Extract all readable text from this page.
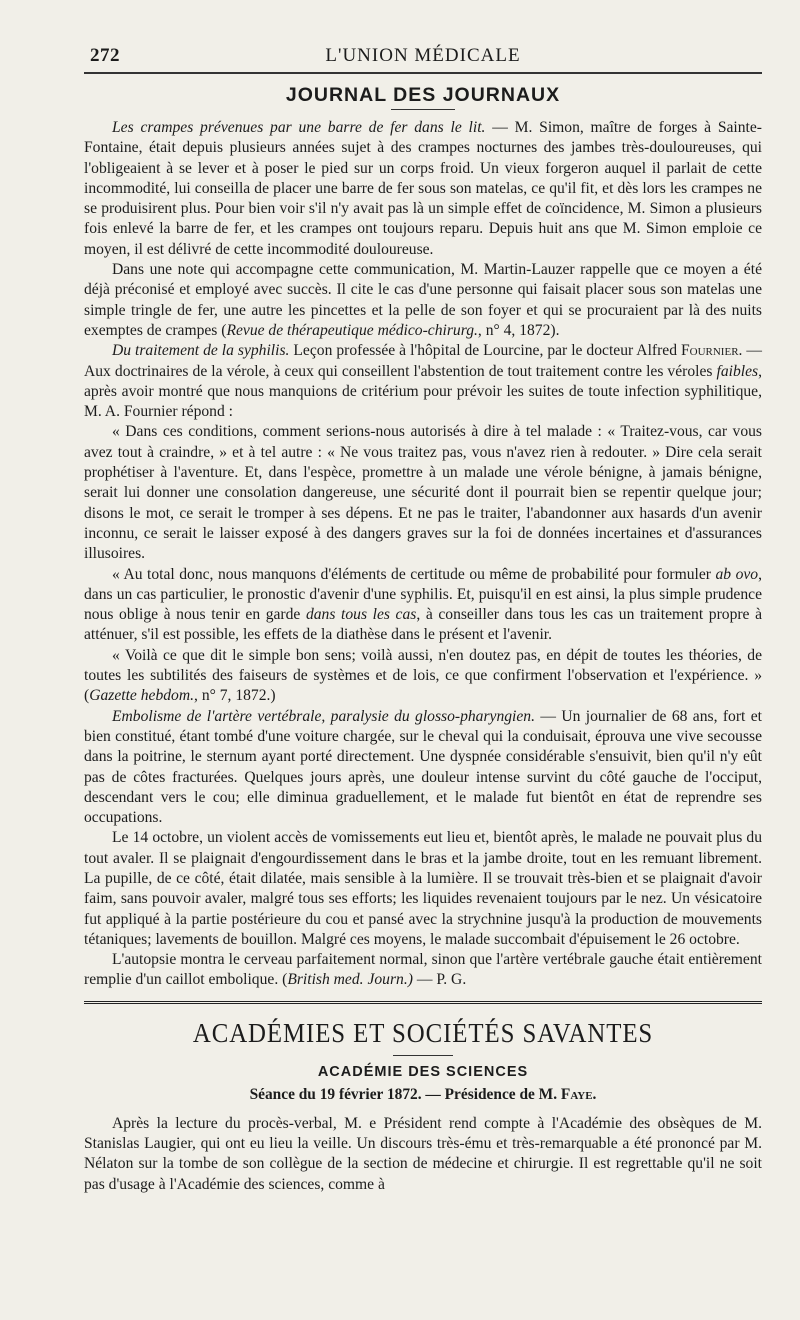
272	L'UNION MÉDICALE
JOURNAL DES JOURNAUX

Les crampes prévenues par une barre de fer dans le lit. — M. Simon, maître de forges à Sainte-Fontaine, était depuis plusieurs années sujet à des crampes nocturnes des jambes très-douloureuses, qui l'obligeaient à se lever et à poser le pied sur un corps froid. Un vieux forgeron auquel il parlait de cette incommodité, lui conseilla de placer une barre de fer sous son matelas, ce qu'il fit, et dès lors les crampes ne se produisirent plus. Pour bien voir s'il n'y avait pas là un simple effet de coïncidence, M. Simon a plusieurs fois enlevé la barre de fer, et les crampes ont toujours reparu. Depuis huit ans que M. Simon emploie ce moyen, il est délivré de cette incommodité douloureuse.

Dans une note qui accompagne cette communication, M. Martin-Lauzer rappelle que ce moyen a été déjà préconisé et employé avec succès. Il cite le cas d'une personne qui faisait placer sous son matelas une simple tringle de fer, une autre les pincettes et la pelle de son foyer et qui se procuraient par là des nuits exemptes de crampes (Revue de thérapeutique médico-chirurg., n° 4, 1872).

Du traitement de la syphilis. Leçon professée à l'hôpital de Lourcine, par le docteur Alfred Fournier. — Aux doctrinaires de la vérole, à ceux qui conseillent l'abstention de tout traitement contre les véroles faibles, après avoir montré que nous manquions de critérium pour prévoir les suites de toute infection syphilitique, M. A. Fournier répond :

« Dans ces conditions, comment serions-nous autorisés à dire à tel malade : « Traitez-vous, car vous avez tout à craindre, » et à tel autre : « Ne vous traitez pas, vous n'avez rien à redouter. » Dire cela serait prophétiser à l'aventure. Et, dans l'espèce, promettre à un malade une vérole bénigne, à jamais bénigne, serait lui donner une consolation dangereuse, une sécurité dont il pourrait bien se repentir quelque jour; disons le mot, ce serait le tromper à ses dépens. Et ne pas le traiter, l'abandonner aux hasards d'un avenir inconnu, ce serait le laisser exposé à des dangers graves sur la foi de données incertaines et d'assurances illusoires.

« Au total donc, nous manquons d'éléments de certitude ou même de probabilité pour formuler ab ovo, dans un cas particulier, le pronostic d'avenir d'une syphilis. Et, puisqu'il en est ainsi, la plus simple prudence nous oblige à nous tenir en garde dans tous les cas, à conseiller dans tous les cas un traitement propre à atténuer, s'il est possible, les effets de la diathèse dans le présent et l'avenir.

« Voilà ce que dit le simple bon sens; voilà aussi, n'en doutez pas, en dépit de toutes les théories, de toutes les subtilités des faiseurs de systèmes et de lois, ce que confirment l'observation et l'expérience. » (Gazette hebdom., n° 7, 1872.)

Embolisme de l'artère vertébrale, paralysie du glosso-pharyngien. — Un journalier de 68 ans, fort et bien constitué, étant tombé d'une voiture chargée, sur le cheval qui la conduisait, éprouva une vive secousse dans la poitrine, le sternum ayant porté directement. Une dyspnée considérable s'ensuivit, bien qu'il n'y eût pas de côtes fracturées. Quelques jours après, une douleur intense survint du côté gauche de l'occiput, descendant vers le cou; elle diminua graduellement, et le malade fut bientôt en état de reprendre ses occupations.

Le 14 octobre, un violent accès de vomissements eut lieu et, bientôt après, le malade ne pouvait plus du tout avaler. Il se plaignait d'engourdissement dans le bras et la jambe droite, tout en les remuant librement. La pupille, de ce côté, était dilatée, mais sensible à la lumière. Il se trouvait très-bien et se plaignait d'avoir faim, sans pouvoir avaler, malgré tous ses efforts; les liquides revenaient toujours par le nez. Un vésicatoire fut appliqué à la partie postérieure du cou et pansé avec la strychnine jusqu'à la production de mouvements tétaniques; lavements de bouillon. Malgré ces moyens, le malade succombait d'épuisement le 26 octobre.

L'autopsie montra le cerveau parfaitement normal, sinon que l'artère vertébrale gauche était entièrement remplie d'un caillot embolique. (British med. Journ.) — P. G.

ACADÉMIES ET SOCIÉTÉS SAVANTES
ACADÉMIE DES SCIENCES
Séance du 19 février 1872. — Présidence de M. Faye.

Après la lecture du procès-verbal, M. e Président rend compte à l'Académie des obsèques de M. Stanislas Laugier, qui ont eu lieu la veille. Un discours très-ému et très-remarquable a été prononcé par M. Nélaton sur la tombe de son collègue de la section de médecine et chirurgie. Il est regrettable qu'il ne soit pas d'usage à l'Académie des sciences, comme à
